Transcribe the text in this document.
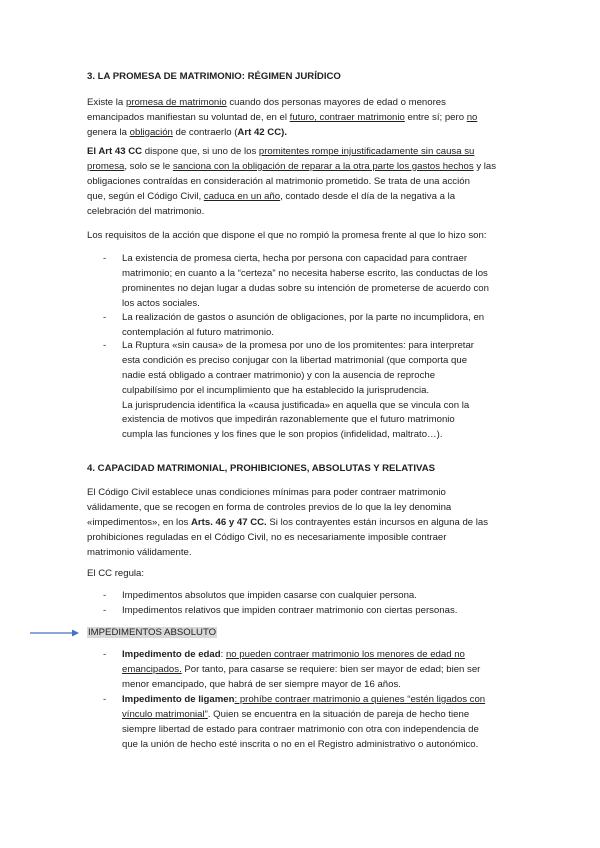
3. LA PROMESA DE MATRIMONIO: RÉGIMEN JURÍDICO
Existe la promesa de matrimonio cuando dos personas mayores de edad o menores
emancipados manifiestan su voluntad de, en el futuro, contraer matrimonio entre sí; pero no
genera la obligación de contraerlo (Art 42 CC).
El Art 43 CC dispone que, si uno de los promitentes rompe injustificadamente sin causa su
promesa, solo se le sanciona con la obligación de reparar a la otra parte los gastos hechos y las
obligaciones contraídas en consideración al matrimonio prometido. Se trata de una acción
que, según el Código Civil, caduca en un año, contado desde el día de la negativa a la
celebración del matrimonio.
Los requisitos de la acción que dispone el que no rompió la promesa frente al que lo hizo son:
-	La existencia de promesa cierta, hecha por persona con capacidad para contraer
matrimonio; en cuanto a la “certeza” no necesita haberse escrito, las conductas de los
prominentes no dejan lugar a dudas sobre su intención de prometerse de acuerdo con
los actos sociales.
-	La realización de gastos o asunción de obligaciones, por la parte no incumplidora, en
contemplación al futuro matrimonio.
-	La Ruptura «sin causa» de la promesa por uno de los promitentes: para interpretar
esta condición es preciso conjugar con la libertad matrimonial (que comporta que
nadie está obligado a contraer matrimonio) y con la ausencia de reproche
culpabilísimo por el incumplimiento que ha establecido la jurisprudencia.
La jurisprudencia identifica la «causa justificada» en aquella que se vincula con la
existencia de motivos que impedirán razonablemente que el futuro matrimonio
cumpla las funciones y los fines que le son propios (infidelidad, maltrato…).
4. CAPACIDAD MATRIMONIAL, PROHIBICIONES, ABSOLUTAS Y RELATIVAS
El Código Civil establece unas condiciones mínimas para poder contraer matrimonio
válidamente, que se recogen en forma de controles previos de lo que la ley denomina
«impedimentos», en los Arts. 46 y 47 CC. Si los contrayentes están incursos en alguna de las
prohibiciones reguladas en el Código Civil, no es necesariamente imposible contraer
matrimonio válidamente.
El CC regula:
-	Impedimentos absolutos que impiden casarse con cualquier persona.
-	Impedimentos relativos que impiden contraer matrimonio con ciertas personas.
IMPEDIMENTOS ABSOLUTO
-	Impedimento de edad: no pueden contraer matrimonio los menores de edad no
emancipados. Por tanto, para casarse se requiere: bien ser mayor de edad; bien ser
menor emancipado, que habrá de ser siempre mayor de 16 años.
-	Impedimento de ligamen: prohíbe contraer matrimonio a quienes “estén ligados con
vínculo matrimonial”. Quien se encuentra en la situación de pareja de hecho tiene
siempre libertad de estado para contraer matrimonio con otra con independencia de
que la unión de hecho esté inscrita o no en el Registro administrativo o autonómico.
